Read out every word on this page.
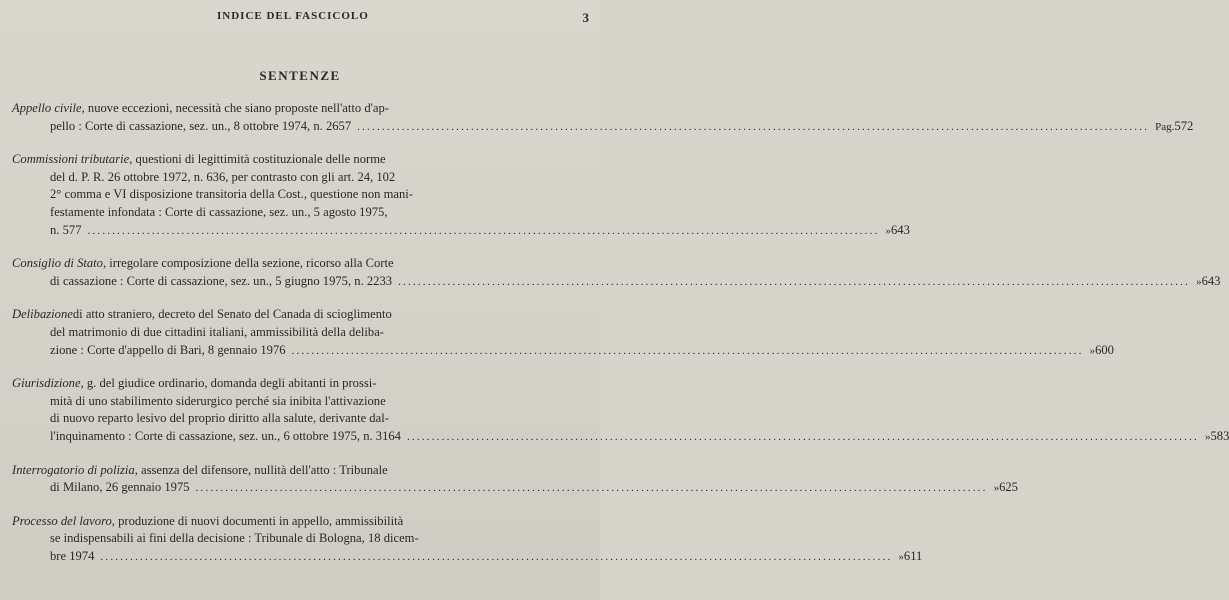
INDICE DEL FASCICOLO	3
SENTENZE
Appello civile , nuove eccezioni, necessità che siano proposte nell'atto d'ap-
pello : Corte di cassazione, sez. un., 8 ottobre 1974, n. 2657 ................................................................................................................................................................ Pag. 572
Commissioni tributarie , questioni di legittimità costituzionale delle norme
del d. P. R. 26 ottobre 1972, n. 636, per contrasto con gli art. 24, 102
2° comma e VI disposizione transitoria della Cost., questione non mani-
festamente infondata : Corte di cassazione, sez. un., 5 agosto 1975,
n. 577 ................................................................................................................................................................ » 643
Consiglio di Stato , irregolare composizione della sezione, ricorso alla Corte
di cassazione : Corte di cassazione, sez. un., 5 giugno 1975, n. 2233 ................................................................................................................................................................ » 643
Delibazione di atto straniero, decreto del Senato del Canada di scioglimento
del matrimonio di due cittadini italiani, ammissibilità della deliba-
zione : Corte d'appello di Bari, 8 gennaio 1976 ................................................................................................................................................................ » 600
Giurisdizione , g. del giudice ordinario, domanda degli abitanti in prossi-
mità di uno stabilimento siderurgico perché sia inibita l'attivazione
di nuovo reparto lesivo del proprio diritto alla salute, derivante dal-
l'inquinamento : Corte di cassazione, sez. un., 6 ottobre 1975, n. 3164 ................................................................................................................................................................ » 583
Interrogatorio di polizia , assenza del difensore, nullità dell'atto : Tribunale
di Milano, 26 gennaio 1975 ................................................................................................................................................................ » 625
Processo del lavoro , produzione di nuovi documenti in appello, ammissibilità
se indispensabili ai fini della decisione : Tribunale di Bologna, 18 dicem-
bre 1974 ................................................................................................................................................................ » 611
